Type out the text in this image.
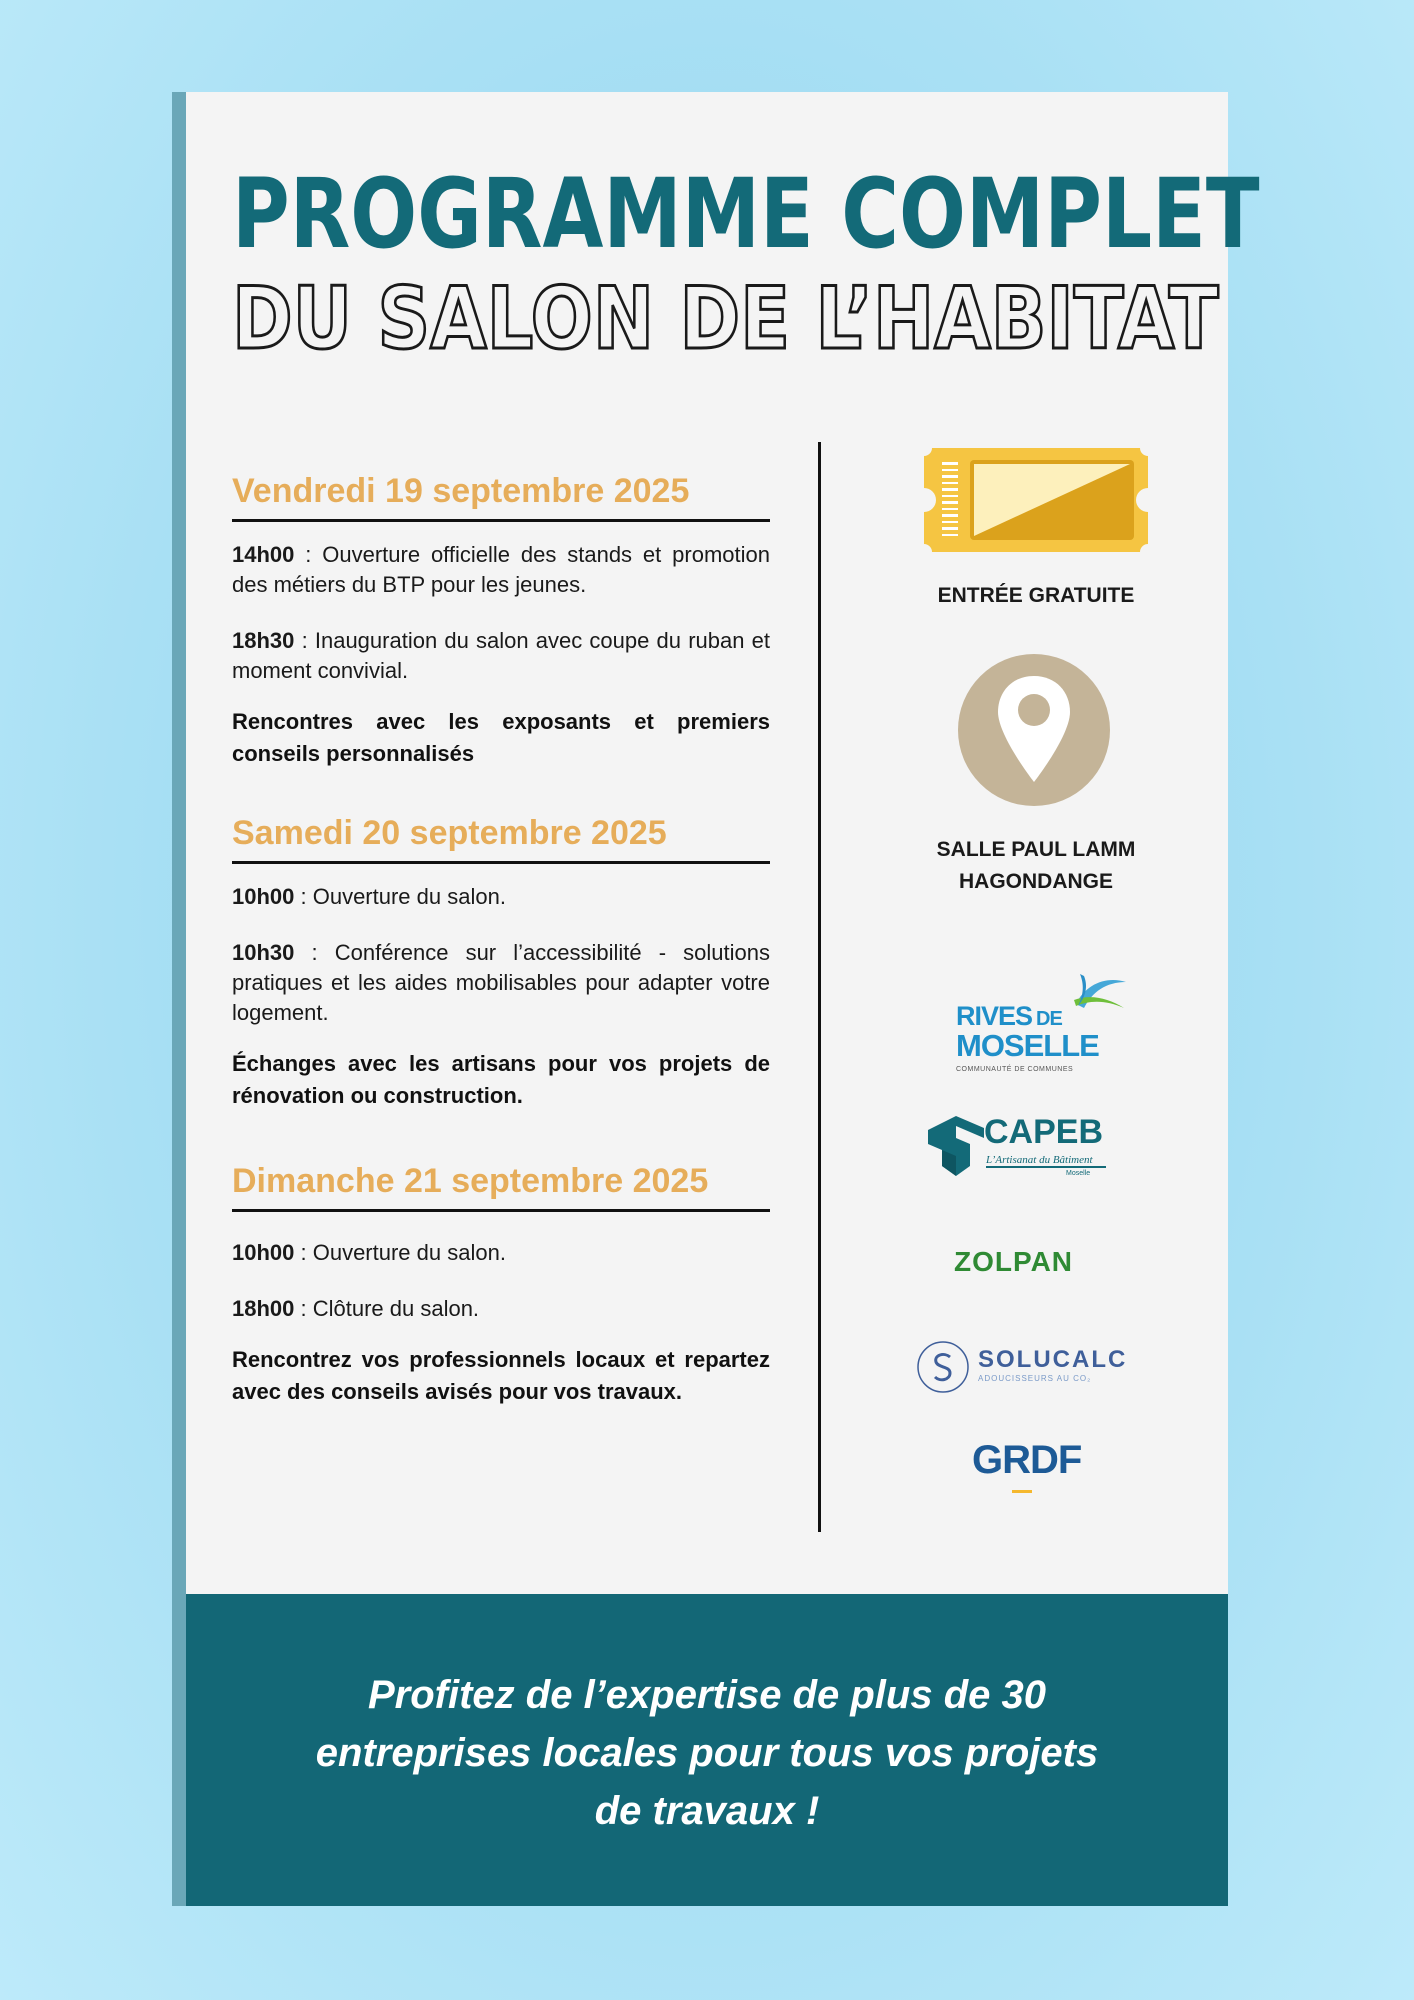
PROGRAMME COMPLET
DU SALON DE L’HABITAT
Vendredi 19 septembre 2025
14h00 : Ouverture officielle des stands et promotion des métiers du BTP pour les jeunes.
18h30 : Inauguration du salon avec coupe du ruban et moment convivial.
Rencontres avec les exposants et premiers conseils personnalisés
Samedi 20 septembre 2025
10h00 : Ouverture du salon.
10h30 : Conférence sur l’accessibilité - solutions pratiques et les aides mobilisables pour adapter votre logement.
Échanges avec les artisans pour vos projets de rénovation ou construction.
Dimanche 21 septembre 2025
10h00 : Ouverture du salon.
18h00 : Clôture du salon.
Rencontrez vos professionnels locaux et repartez avec des conseils avisés pour vos travaux.
ENTRÉE GRATUITE
SALLE PAUL LAMM
HAGONDANGE
RIVES DE
MOSELLE
COMMUNAUTÉ DE COMMUNES
CAPEB
L’Artisanat du Bâtiment
Moselle
ZOLPAN
SOLUCALC
ADOUCISSEURS AU CO₂
GRDF
Profitez de l’expertise de plus de 30
entreprises locales pour tous vos projets
de travaux !
